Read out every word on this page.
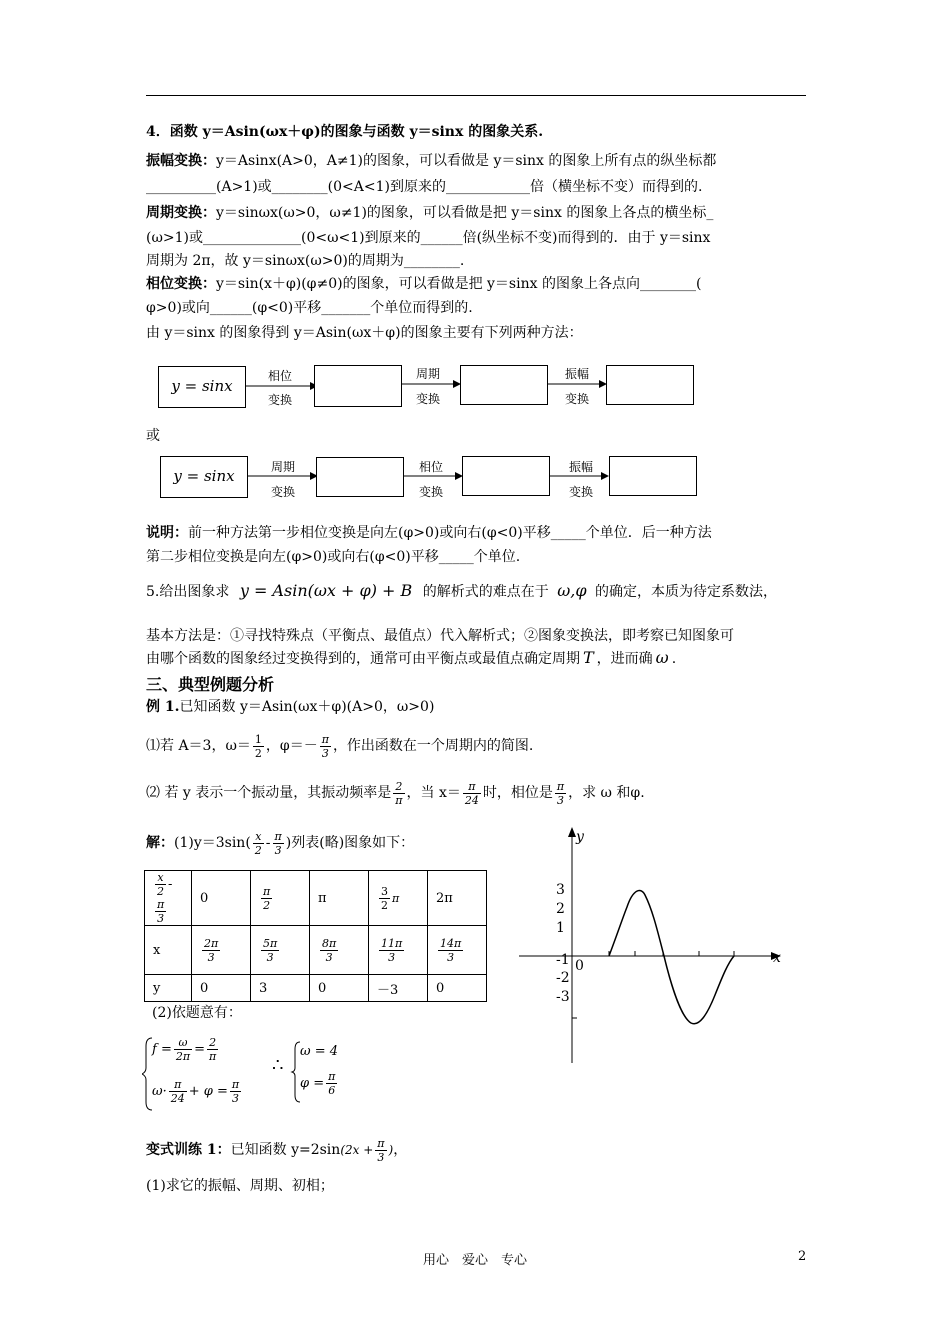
4．函数 y＝Asin(ωx＋φ)的图象与函数 y＝sinx 的图象关系.
振幅变换：y＝Asinx(A>0，A≠1)的图象，可以看做是 y＝sinx 的图象上所有点的纵坐标都
__________(A>1)或________(0<A<1)到原来的____________倍（横坐标不变）而得到的.
周期变换：y＝sinωx(ω>0，ω≠1)的图象，可以看做是把 y＝sinx 的图象上各点的横坐标_
(ω>1)或______________(0<ω<1)到原来的______倍(纵坐标不变)而得到的．由于 y＝sinx
周期为 2π，故 y＝sinωx(ω>0)的周期为________.
相位变换：y＝sin(x＋φ)(φ≠0)的图象，可以看做是把 y＝sinx 的图象上各点向________(
φ>0)或向______(φ<0)平移_______个单位而得到的.
由 y＝sinx 的图象得到 y＝Asin(ωx＋φ)的图象主要有下列两种方法：
y = sinx
相位
变换
周期
变换
振幅
变换
或
y = sinx	周期
变换
相位
变换
振幅
变换
说明：前一种方法第一步相位变换是向左(φ>0)或向右(φ<0)平移_____个单位．后一种方法
第二步相位变换是向左(φ>0)或向右(φ<0)平移_____个单位.
5.给出图象求 y = Asin(ωx + φ) + B 的解析式的难点在于 ω,φ 的确定，本质为待定系数法，
基本方法是：①寻找特殊点（平衡点、最值点）代入解析式；②图象变换法，即考察已知图象可
由哪个函数的图象经过变换得到的，通常可由平衡点或最值点确定周期 T ，进而确 ω .
三、典型例题分析
例 1.已知函数 y＝Asin(ωx＋φ)(A>0，ω>0)
⑴若 A＝3，$\omega= \frac{1}{2}$ ，$\varphi=- \frac{\pi}{3}$ ，作出函数在一个周期内的简图.
⑵ 若 y 表示一个振动量，其振动频率是 $\frac{2}{\pi}$ ，当 $x= \frac{\pi}{24}$ 时，相位是 $\frac{\pi}{3}$ ，求 ω 和φ.
解：$(1)y=3\sin( \frac{x}{2} - \frac{\pi}{3}$ )列表(略)图象如下：
$\frac{x}{2}$ -
$\frac{\pi}{3}$	0	$\frac{\pi}{2}$	π	$\frac{3}{2}$ π	2π
x	$\frac{2\pi}{3}$	$\frac{5\pi}{3}$	$\frac{8\pi}{3}$	$\frac{11\pi}{3}$	$\frac{14\pi}{3}$

y	0	3	0	－3	0
(2)依题意有：
$f = \frac{\omega}{2\pi} = \frac{2}{\pi}$
$\omega\cdot \frac{\pi}{24} + \varphi = \frac{\pi}{3}$
∴
ω = 4
$\varphi = \frac{\pi}{6}$
y
x
0
3
2
1
-1
-2
-3
变式训练 1：已知函数 $y=2\sin(2x + \frac{\pi}{3}$ )，
(1)求它的振幅、周期、初相；
用心　爱心　专心	2
